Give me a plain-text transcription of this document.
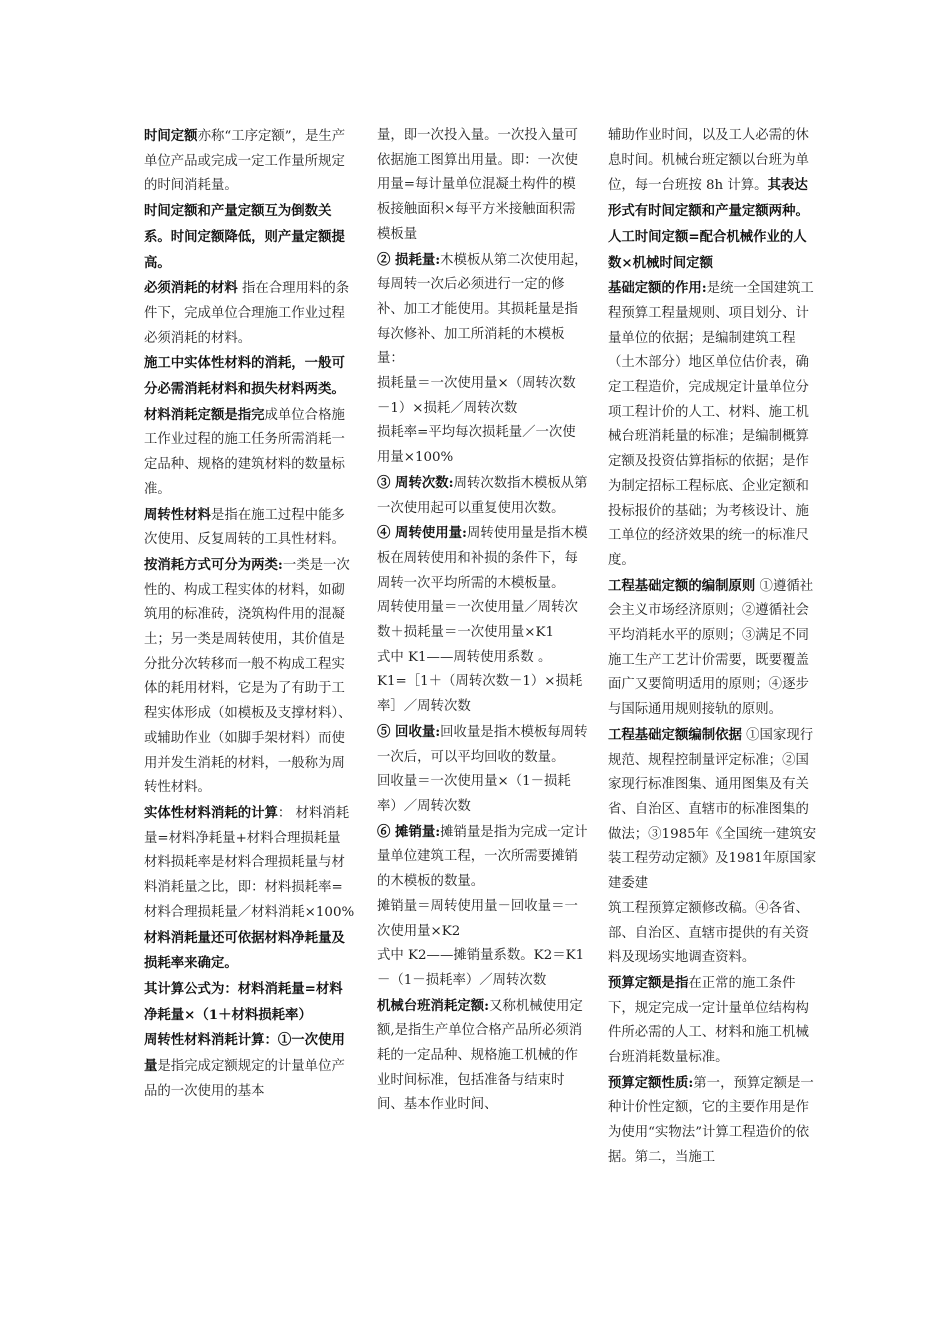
时间定额亦称“工序定额”，是生产单位产品或完成一定工作量所规定的时间消耗量。

时间定额和产量定额互为倒数关系。时间定额降低，则产量定额提高。

必须消耗的材料 指在合理用料的条件下，完成单位合理施工作业过程必须消耗的材料。

施工中实体性材料的消耗，一般可分必需消耗材料和损失材料两类。

材料消耗定额是指完成单位合格施工作业过程的施工任务所需消耗一定品种、规格的建筑材料的数量标准。

周转性材料是指在施工过程中能多次使用、反复周转的工具性材料。

按消耗方式可分为两类:一类是一次性的、构成工程实体的材料，如砌筑用的标准砖，浇筑构件用的混凝土；另一类是周转使用，其价值是分批分次转移而一般不构成工程实体的耗用材料，它是为了有助于工程实体形成（如模板及支撑材料）、或辅助作业（如脚手架材料）而使用并发生消耗的材料，一般称为周转性材料。

实体性材料消耗的计算： 材料消耗量=材料净耗量+材料合理损耗量

材料损耗率是材料合理损耗量与材料消耗量之比，即：材料损耗率=材料合理损耗量／材料消耗×100%

材料消耗量还可依据材料净耗量及损耗率来确定。

其计算公式为：材料消耗量=材料净耗量×（1＋材料损耗率）

周转性材料消耗计算：①一次使用量是指完成定额规定的计量单位产品的一次使用的基本

量，即一次投入量。一次投入量可依据施工图算出用量。即：一次使用量=每计量单位混凝土构件的模板接触面积×每平方米接触面积需模板量

② 损耗量:木模板从第二次使用起，每周转一次后必须进行一定的修补、加工才能使用。其损耗量是指每次修补、加工所消耗的木模板量：

损耗量＝一次使用量×（周转次数－1）×损耗／周转次数

损耗率=平均每次损耗量／一次使用量×100%

③ 周转次数:周转次数指木模板从第一次使用起可以重复使用次数。

④ 周转使用量:周转使用量是指木模板在周转使用和补损的条件下，每周转一次平均所需的木模板量。

周转使用量＝一次使用量／周转次数＋损耗量＝一次使用量×K1

式中 K1——周转使用系数 。

K1=［1＋（周转次数－1）×损耗率］／周转次数

⑤ 回收量:回收量是指木模板每周转一次后，可以平均回收的数量。

回收量＝一次使用量×（1－损耗率）／周转次数

⑥ 摊销量:摊销量是指为完成一定计量单位建筑工程，一次所需要摊销的木模板的数量。

摊销量＝周转使用量－回收量＝一次使用量×K2

式中 K2——摊销量系数。K2＝K1－（1－损耗率）／周转次数

机械台班消耗定额:又称机械使用定额,是指生产单位合格产品所必须消耗的一定品种、规格施工机械的作业时间标准，包括准备与结束时间、基本作业时间、

辅助作业时间，以及工人必需的休息时间。机械台班定额以台班为单位，每一台班按 8h 计算。其表达形式有时间定额和产量定额两种。

人工时间定额=配合机械作业的人数×机械时间定额

基础定额的作用:是统一全国建筑工程预算工程量规则、项目划分、计量单位的依据；是编制建筑工程（土木部分）地区单位估价表，确定工程造价，完成规定计量单位分项工程计价的人工、材料、施工机械台班消耗量的标准；是编制概算定额及投资估算指标的依据；是作为制定招标工程标底、企业定额和投标报价的基础；为考核设计、施工单位的经济效果的统一的标准尺度。

工程基础定额的编制原则 ①遵循社会主义市场经济原则；②遵循社会平均消耗水平的原则；③满足不同施工生产工艺计价需要，既要覆盖面广又要简明适用的原则；④逐步与国际通用规则接轨的原则。

工程基础定额编制依据 ①国家现行规范、规程控制量评定标准；②国家现行标准图集、通用图集及有关省、自治区、直辖市的标准图集的做法；③1985年《全国统一建筑安装工程劳动定额》及1981年原国家建委建

筑工程预算定额修改稿。④各省、部、自治区、直辖市提供的有关资料及现场实地调查资料。

预算定额是指在正常的施工条件下，规定完成一定计量单位结构构件所必需的人工、材料和施工机械台班消耗数量标准。

预算定额性质:第一，预算定额是一种计价性定额，它的主要作用是作为使用“实物法”计算工程造价的依据。第二，当施工
